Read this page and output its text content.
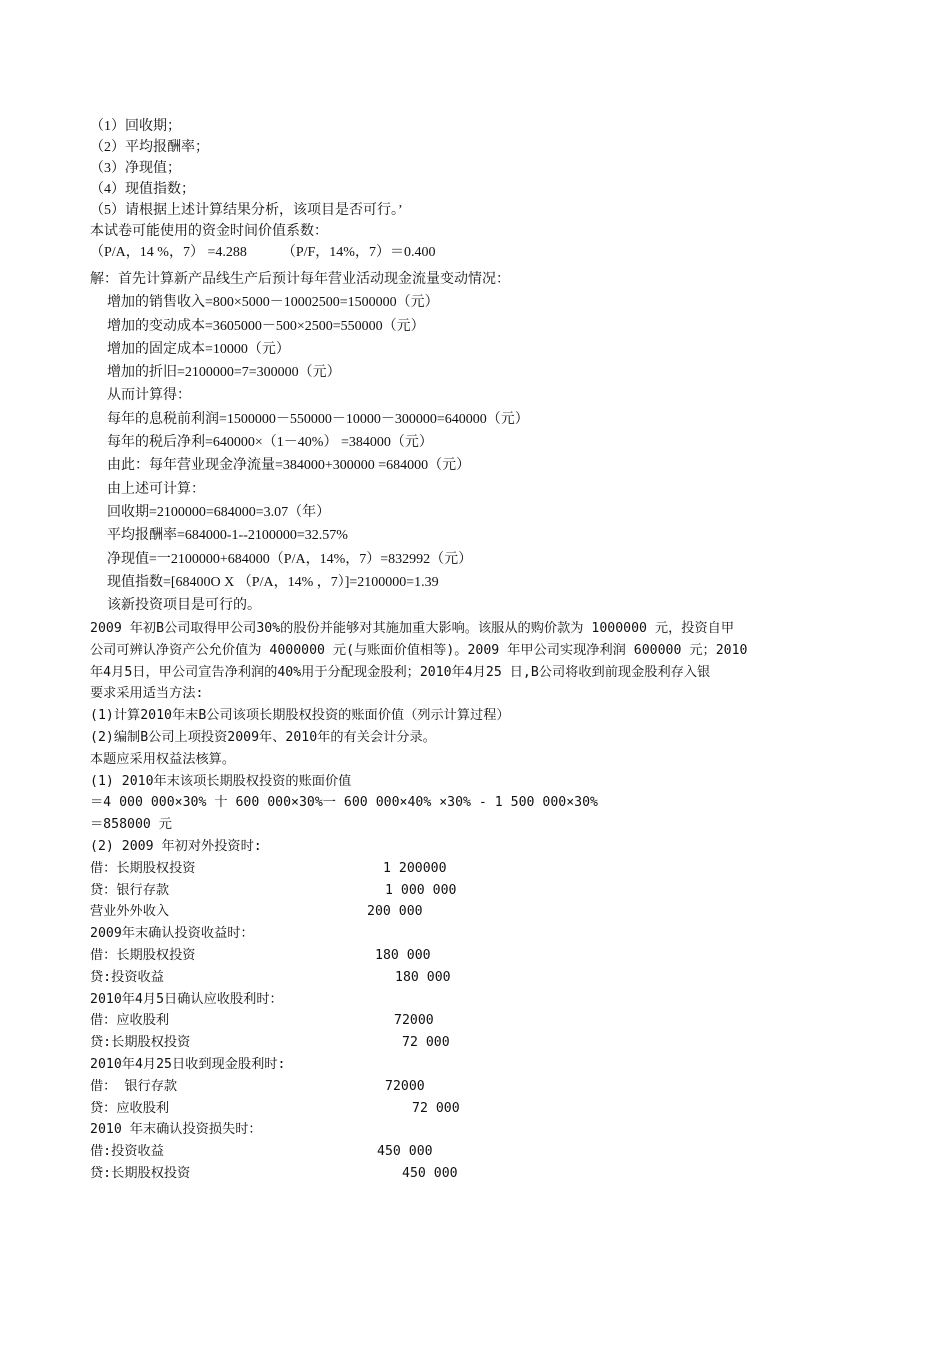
（1）回收期；
（2）平均报酬率；
（3）净现值；
（4）现值指数；
（5）请根据上述计算结果分析，该项目是否可行。’
本试卷可能使用的资金时间价值系数：
（P/A，14 %，7） =4.288          （P/F，14%，7）＝0.400
解：首先计算新产品线生产后预计每年营业活动现金流量变动情况：
增加的销售收入=800×5000－10002500=1500000（元）
增加的变动成本=3605000－500×2500=550000（元）
增加的固定成本=10000（元）
增加的折旧=2100000=7=300000（元）
从而计算得：
每年的息税前利润=1500000－550000－10000－300000=640000（元）
每年的税后净利=640000×（1－40%） =384000（元）
由此：每年营业现金净流量=384000+300000 =684000（元）
由上述可计算：
回收期=2100000=684000=3.07（年）
平均报酬率=684000-1--2100000=32.57%
净现值=一2100000+684000（P/A，14%，7）=832992（元）
现值指数=[68400O X （P/A，14% ，7）]=2100000=1.39
该新投资项目是可行的。
2009 年初B公司取得甲公司30%的股份并能够对其施加重大影响。该服从的购价款为 1000000 元，投资自甲
公司可辨认净资产公允价值为 4000000 元(与账面价值相等)。2009 年甲公司实现净利润 600000 元；2010
年4月5日，甲公司宣告净利润的40%用于分配现金股利；2010年4月25 日,B公司将收到前现金股利存入银
要求采用适当方法:
(1)计算2010年末B公司该项长期股权投资的账面价值（列示计算过程）
(2)编制B公司上项投资2009年、2010年的有关会计分录。
本题应采用权益法核算。
(1) 2010年末该项长期股权投资的账面价值
＝4 000 000×30% 十 600 000×30%一 600 000×40% ×30% - 1 500 000×30%
＝858000 元
(2) 2009 年初对外投资时:
借：长期股权投资	1 200000
贷：银行存款	1 000 000
营业外外收入	200 000
2009年末确认投资收益时：
借：长期股权投资	180 000
贷:投资收益	180 000
2010年4月5日确认应收股利时：
借：应收股利	72000
贷:长期股权投资	72 000
2010年4月25日收到现金股利时:
借： 银行存款	72000
贷：应收股利	72 000
2010 年末确认投资损失时：
借:投资收益	450 000
贷:长期股权投资	450 000
